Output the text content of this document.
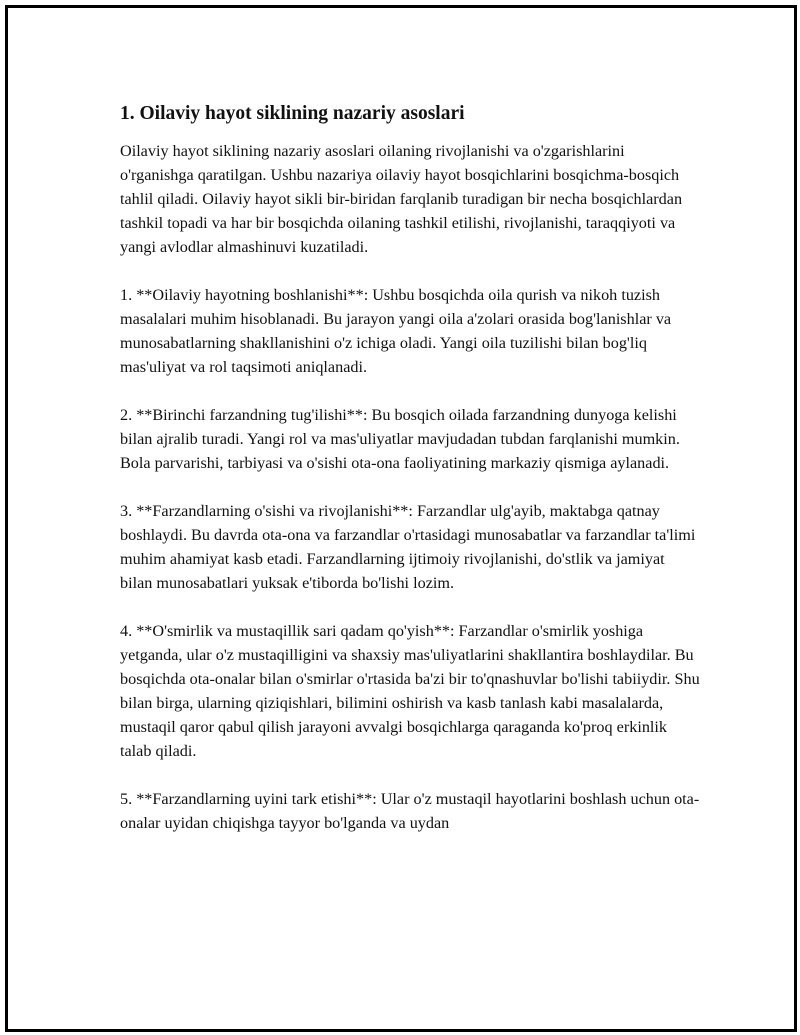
1. Oilaviy hayot siklining nazariy asoslari

Oilaviy hayot siklining nazariy asoslari oilaning rivojlanishi va o'zgarishlarini o'rganishga qaratilgan. Ushbu nazariya oilaviy hayot bosqichlarini bosqichma-bosqich tahlil qiladi. Oilaviy hayot sikli bir-biridan farqlanib turadigan bir necha bosqichlardan tashkil topadi va har bir bosqichda oilaning tashkil etilishi, rivojlanishi, taraqqiyoti va yangi avlodlar almashinuvi kuzatiladi.

1. **Oilaviy hayotning boshlanishi**: Ushbu bosqichda oila qurish va nikoh tuzish masalalari muhim hisoblanadi. Bu jarayon yangi oila a'zolari orasida bog'lanishlar va munosabatlarning shakllanishini o'z ichiga oladi. Yangi oila tuzilishi bilan bog'liq mas'uliyat va rol taqsimoti aniqlanadi.

2. **Birinchi farzandning tug'ilishi**: Bu bosqich oilada farzandning dunyoga kelishi bilan ajralib turadi. Yangi rol va mas'uliyatlar mavjudadan tubdan farqlanishi mumkin. Bola parvarishi, tarbiyasi va o'sishi ota-ona faoliyatining markaziy qismiga aylanadi.

3. **Farzandlarning o'sishi va rivojlanishi**: Farzandlar ulg'ayib, maktabga qatnay boshlaydi. Bu davrda ota-ona va farzandlar o'rtasidagi munosabatlar va farzandlar ta'limi muhim ahamiyat kasb etadi. Farzandlarning ijtimoiy rivojlanishi, do'stlik va jamiyat bilan munosabatlari yuksak e'tiborda bo'lishi lozim.

4. **O'smirlik va mustaqillik sari qadam qo'yish**: Farzandlar o'smirlik yoshiga yetganda, ular o'z mustaqilligini va shaxsiy mas'uliyatlarini shakllantira boshlaydilar. Bu bosqichda ota-onalar bilan o'smirlar o'rtasida ba'zi bir to'qnashuvlar bo'lishi tabiiydir. Shu bilan birga, ularning qiziqishlari, bilimini oshirish va kasb tanlash kabi masalalarda, mustaqil qaror qabul qilish jarayoni avvalgi bosqichlarga qaraganda ko'proq erkinlik talab qiladi.

5. **Farzandlarning uyini tark etishi**: Ular o'z mustaqil hayotlarini boshlash uchun ota-onalar uyidan chiqishga tayyor bo'lganda va uydan
